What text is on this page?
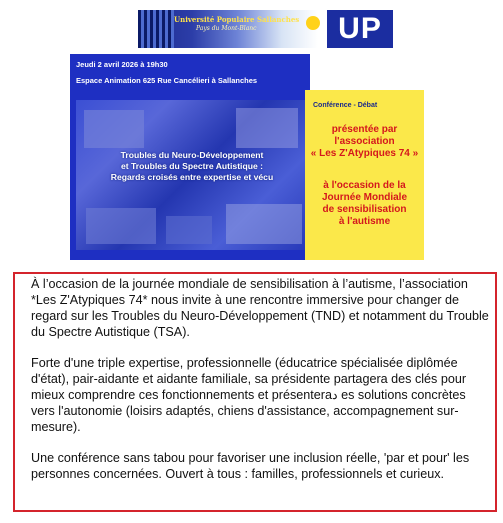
Université Populaire Sallanches
Pays du Mont-Blanc	UP
Jeudi 2 avril 2026 à 19h30
Espace Animation 625 Rue Cancélieri à Sallanches
Troubles du Neuro-Développement
et Troubles du Spectre Autistique :
Regards croisés entre expertise et vécu
Conférence - Débat
présentée par
l'association
« Les Z'Atypiques 74 »
à l'occasion de la
Journée Mondiale
de sensibilisation
à l'autisme

À l’occasion de la journée mondiale de sensibilisation à l’autisme, l’association *Les Z'Atypiques 74* nous invite à une rencontre immersive pour changer de regard sur les Troubles du Neuro-Développement (TND) et notamment du Trouble du Spectre Autistique (TSA).

Forte d'une triple expertise, professionnelle (éducatrice spécialisée diplômée d'état), pair-aidante et aidante familiale, sa présidente partagera des clés pour mieux comprendre ces fonctionnements et présenteraد es solutions concrètes vers l'autonomie (loisirs adaptés, chiens d'assistance, accompagnement sur-mesure).

Une conférence sans tabou pour favoriser une inclusion réelle, 'par et pour' les personnes concernées. Ouvert à tous : familles, professionnels et curieux.
